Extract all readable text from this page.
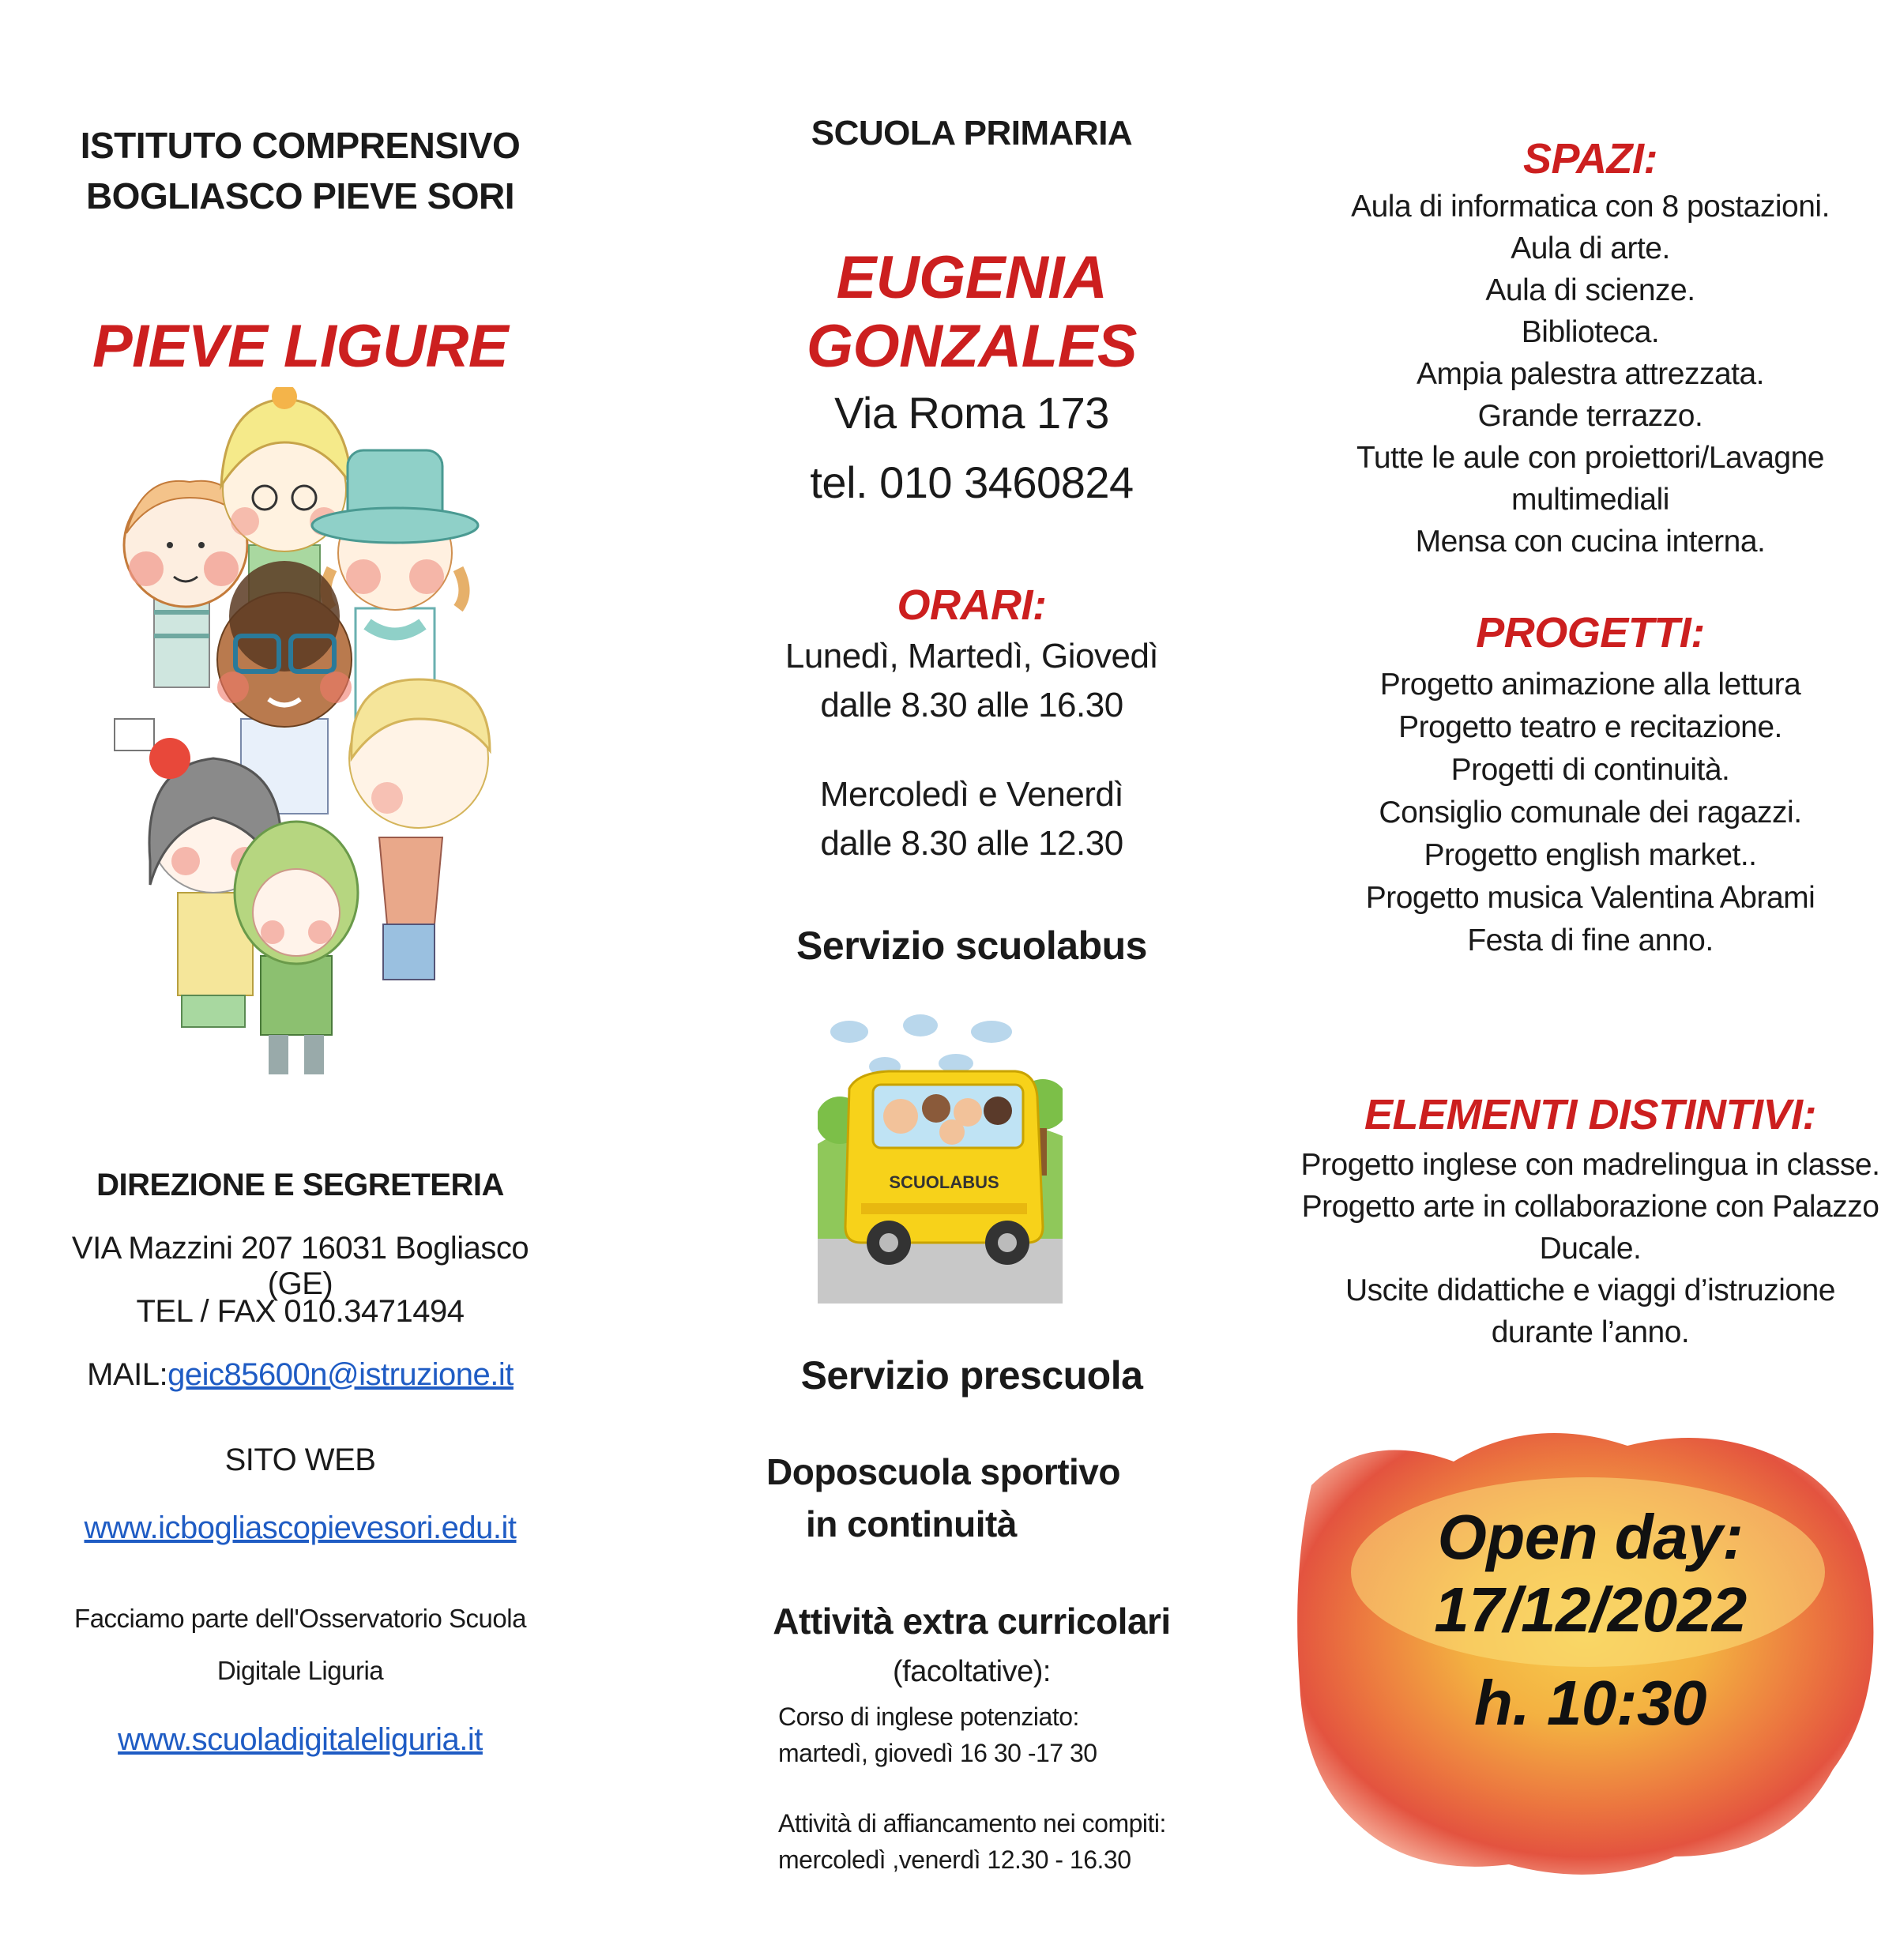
ISTITUTO COMPRENSIVO
BOGLIASCO PIEVE SORI
PIEVE LIGURE
DIREZIONE E SEGRETERIA
VIA Mazzini 207 16031 Bogliasco (GE)
TEL / FAX 010.3471494
MAIL:geic85600n@istruzione.it
SITO WEB
www.icbogliascopievesori.edu.it
Facciamo parte dell'Osservatorio Scuola
Digitale Liguria
www.scuoladigitaleliguria.it
SCUOLA PRIMARIA
EUGENIA GONZALES
Via Roma 173
tel. 010 3460824
ORARI:
Lunedì, Martedì, Giovedì
dalle 8.30 alle 16.30
Mercoledì e Venerdì
dalle 8.30 alle 12.30
Servizio scuolabus
SCUOLABUS
Servizio prescuola
Doposcuola sportivo
in continuità
Attività extra curricolari
(facoltative):
Corso di inglese potenziato:
martedì, giovedì 16 30 -17 30
Attività di affiancamento nei compiti:
mercoledì ,venerdì 12.30 - 16.30
SPAZI:
Aula di informatica con 8 postazioni.
Aula di arte.
Aula di scienze.
Biblioteca.
Ampia palestra attrezzata.
Grande terrazzo.
Tutte le aule con proiettori/Lavagne multimediali
Mensa con cucina interna.
PROGETTI:
Progetto animazione alla lettura
Progetto teatro e recitazione.
Progetti di continuità.
Consiglio comunale dei ragazzi.
Progetto english market..
Progetto musica Valentina Abrami
Festa di fine anno.
ELEMENTI DISTINTIVI:
Progetto inglese con madrelingua in classe.
Progetto arte in collaborazione con Palazzo
Ducale.
Uscite didattiche e viaggi d’istruzione
durante l’anno.
Open day: 17/12/2022
h. 10:30
